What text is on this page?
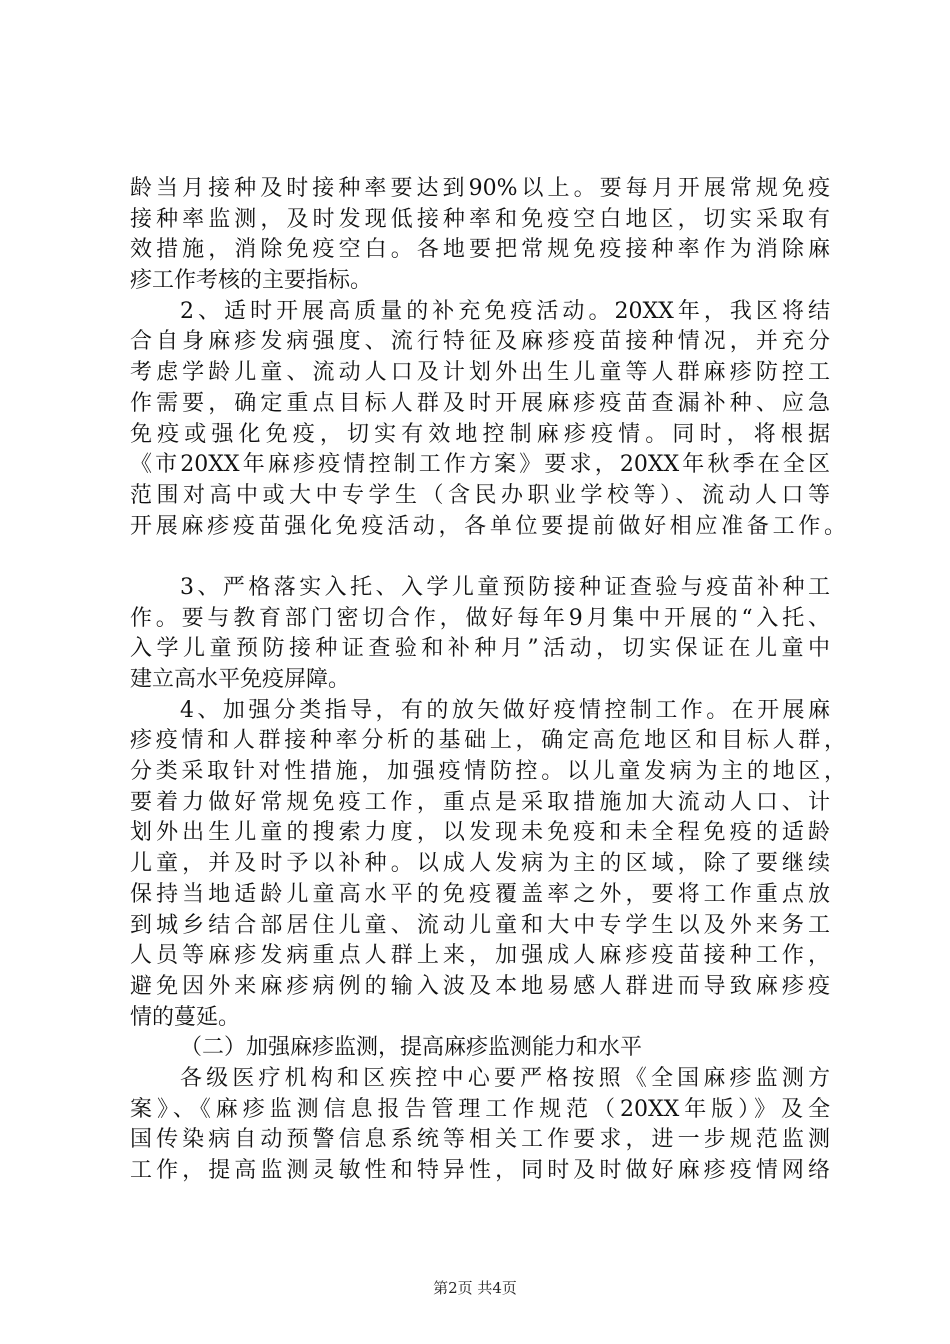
第2页 共4页
龄当月接种及时接种率要达到90%以上。要每月开展常规免疫
接种率监测，及时发现低接种率和免疫空白地区，切实采取有
效措施，消除免疫空白。各地要把常规免疫接种率作为消除麻
疹工作考核的主要指标。
2、适时开展高质量的补充免疫活动。20XX年，我区将结
合自身麻疹发病强度、流行特征及麻疹疫苗接种情况，并充分
考虑学龄儿童、流动人口及计划外出生儿童等人群麻疹防控工
作需要，确定重点目标人群及时开展麻疹疫苗查漏补种、应急
免疫或强化免疫，切实有效地控制麻疹疫情。同时，将根据
《市20XX年麻疹疫情控制工作方案》要求，20XX年秋季在全区
范围对高中或大中专学生（含民办职业学校等）、流动人口等
开展麻疹疫苗强化免疫活动，各单位要提前做好相应准备工作。
3、严格落实入托、入学儿童预防接种证查验与疫苗补种工
作。要与教育部门密切合作，做好每年9月集中开展的“入托、
入学儿童预防接种证查验和补种月”活动，切实保证在儿童中
建立高水平免疫屏障。
4、加强分类指导，有的放矢做好疫情控制工作。在开展麻
疹疫情和人群接种率分析的基础上，确定高危地区和目标人群，
分类采取针对性措施，加强疫情防控。以儿童发病为主的地区，
要着力做好常规免疫工作，重点是采取措施加大流动人口、计
划外出生儿童的搜索力度，以发现未免疫和未全程免疫的适龄
儿童，并及时予以补种。以成人发病为主的区域，除了要继续
保持当地适龄儿童高水平的免疫覆盖率之外，要将工作重点放
到城乡结合部居住儿童、流动儿童和大中专学生以及外来务工
人员等麻疹发病重点人群上来，加强成人麻疹疫苗接种工作，
避免因外来麻疹病例的输入波及本地易感人群进而导致麻疹疫
情的蔓延。
（二）加强麻疹监测，提高麻疹监测能力和水平
各级医疗机构和区疾控中心要严格按照《全国麻疹监测方
案》、《麻疹监测信息报告管理工作规范（20XX年版）》及全
国传染病自动预警信息系统等相关工作要求，进一步规范监测
工作，提高监测灵敏性和特异性，同时及时做好麻疹疫情网络
